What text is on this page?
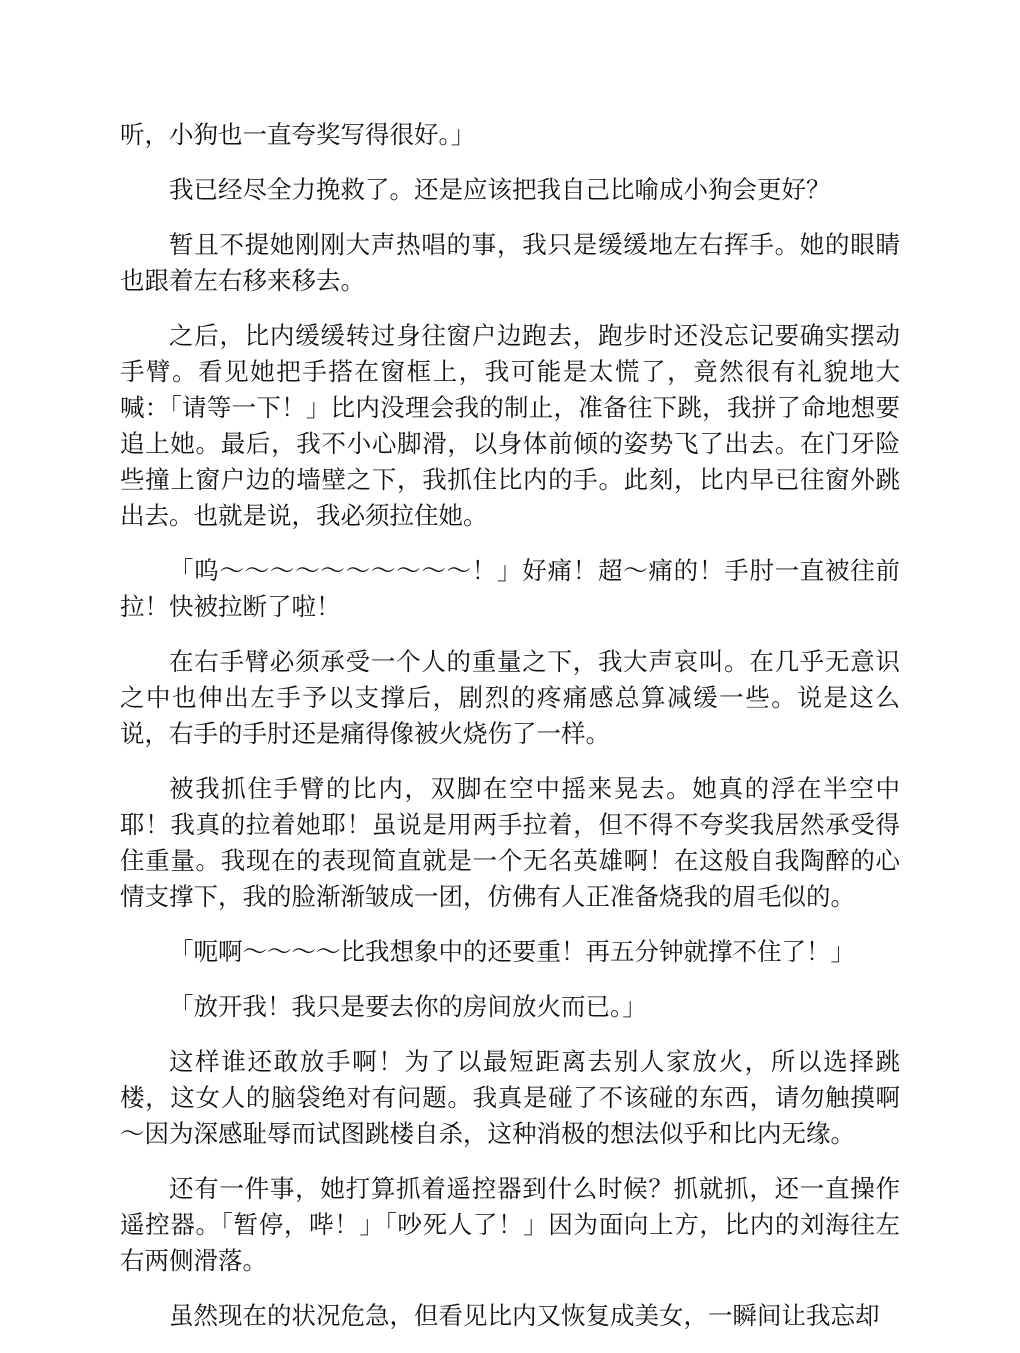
听，小狗也一直夸奖写得很好。」

我已经尽全力挽救了。还是应该把我自己比喻成小狗会更好？

暂且不提她刚刚大声热唱的事，我只是缓缓地左右挥手。她的眼睛也跟着左右移来移去。

之后，比内缓缓转过身往窗户边跑去，跑步时还没忘记要确实摆动手臂。看见她把手搭在窗框上，我可能是太慌了，竟然很有礼貌地大喊：「请等一下！」比内没理会我的制止，准备往下跳，我拼了命地想要追上她。最后，我不小心脚滑，以身体前倾的姿势飞了出去。在门牙险些撞上窗户边的墙壁之下，我抓住比内的手。此刻，比内早已往窗外跳出去。也就是说，我必须拉住她。

「呜～～～～～～～～～～！」好痛！超～痛的！手肘一直被往前拉！快被拉断了啦！

在右手臂必须承受一个人的重量之下，我大声哀叫。在几乎无意识之中也伸出左手予以支撑后，剧烈的疼痛感总算减缓一些。说是这么说，右手的手肘还是痛得像被火烧伤了一样。

被我抓住手臂的比内，双脚在空中摇来晃去。她真的浮在半空中耶！我真的拉着她耶！虽说是用两手拉着，但不得不夸奖我居然承受得住重量。我现在的表现简直就是一个无名英雄啊！在这般自我陶醉的心情支撑下，我的脸渐渐皱成一团，仿佛有人正准备烧我的眉毛似的。

「呃啊～～～～比我想象中的还要重！再五分钟就撑不住了！」

「放开我！我只是要去你的房间放火而已。」

这样谁还敢放手啊！为了以最短距离去别人家放火，所以选择跳楼，这女人的脑袋绝对有问题。我真是碰了不该碰的东西，请勿触摸啊～因为深感耻辱而试图跳楼自杀，这种消极的想法似乎和比内无缘。

还有一件事，她打算抓着遥控器到什么时候？抓就抓，还一直操作遥控器。「暂停，哔！」「吵死人了！」因为面向上方，比内的刘海往左右两侧滑落。

虽然现在的状况危急，但看见比内又恢复成美女，一瞬间让我忘却
